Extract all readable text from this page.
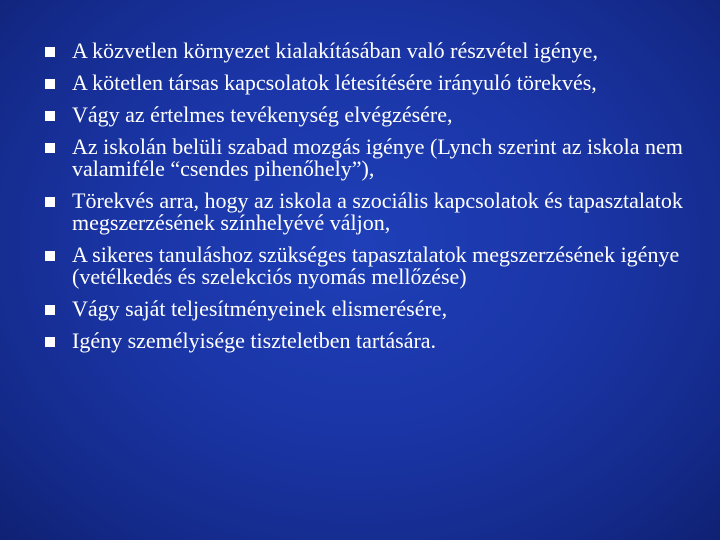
A közvetlen környezet kialakításában való részvétel igénye,
A kötetlen társas kapcsolatok létesítésére irányuló törekvés,
Vágy az értelmes tevékenység elvégzésére,
Az iskolán belüli szabad mozgás igénye (Lynch szerint az iskola nem valamiféle “csendes pihenőhely”),
Törekvés arra, hogy az iskola a szociális kapcsolatok és tapasztalatok megszerzésének színhelyévé váljon,
A sikeres tanuláshoz szükséges tapasztalatok megszerzésének igénye (vetélkedés és szelekciós nyomás mellőzése)
Vágy saját teljesítményeinek elismerésére,
Igény személyisége tiszteletben tartására.
